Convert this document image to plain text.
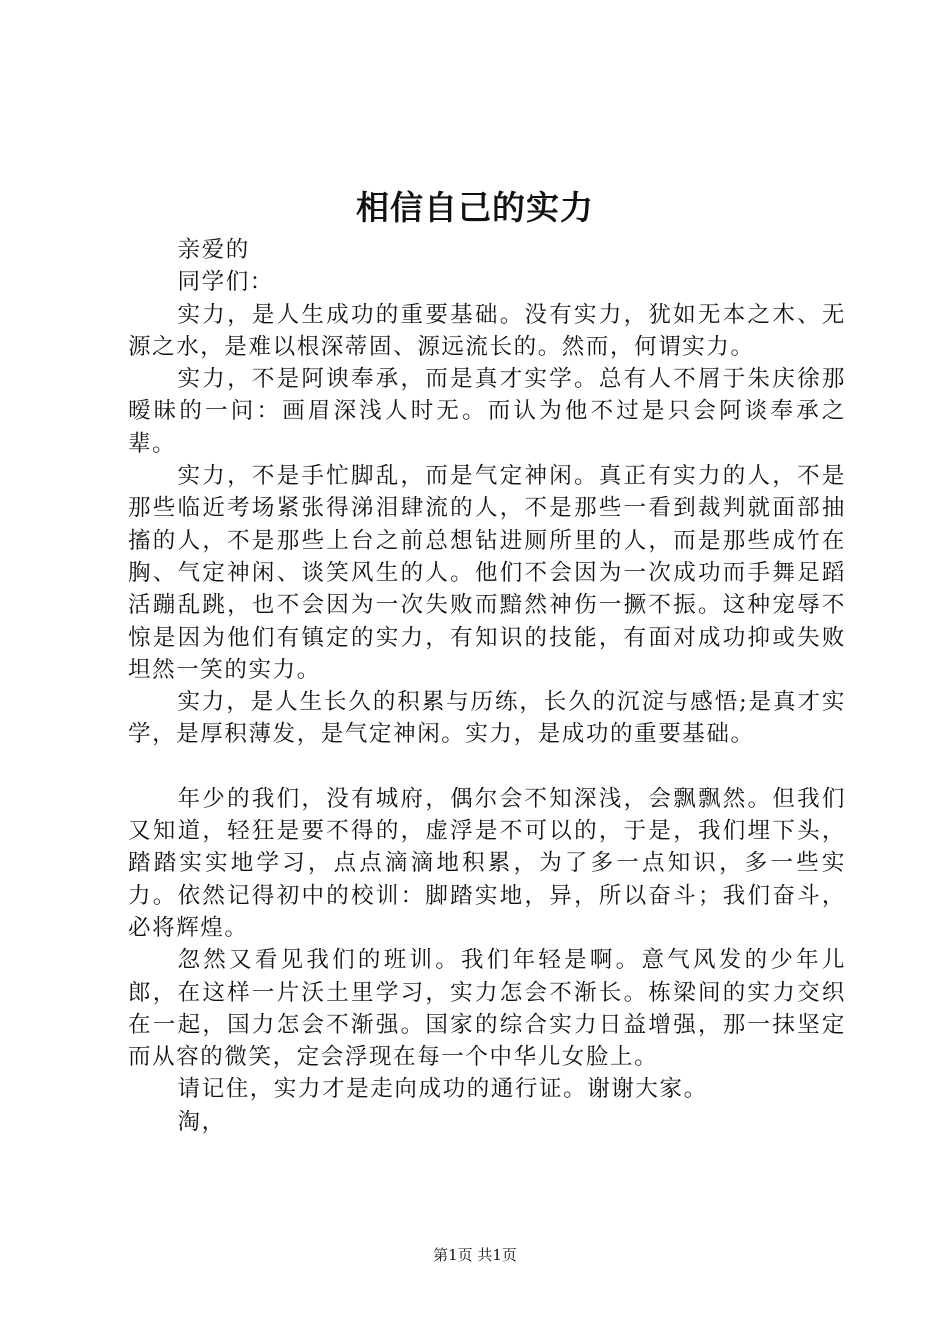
相信自己的实力

亲爱的

同学们：

实力，是人生成功的重要基础。没有实力，犹如无本之木、无源之水，是难以根深蒂固、源远流长的。然而，何谓实力。

实力，不是阿谀奉承，而是真才实学。总有人不屑于朱庆徐那暧昧的一问：画眉深浅人时无。而认为他不过是只会阿谈奉承之辈。

实力，不是手忙脚乱，而是气定神闲。真正有实力的人，不是那些临近考场紧张得涕泪肆流的人，不是那些一看到裁判就面部抽搐的人，不是那些上台之前总想钻进厕所里的人，而是那些成竹在胸、气定神闲、谈笑风生的人。他们不会因为一次成功而手舞足蹈活蹦乱跳，也不会因为一次失败而黯然神伤一撅不振。这种宠辱不惊是因为他们有镇定的实力，有知识的技能，有面对成功抑或失败坦然一笑的实力。

实力，是人生长久的积累与历练，长久的沉淀与感悟;是真才实学，是厚积薄发，是气定神闲。实力，是成功的重要基础。

年少的我们，没有城府，偶尔会不知深浅，会飘飘然。但我们又知道，轻狂是要不得的，虚浮是不可以的，于是，我们埋下头，踏踏实实地学习，点点滴滴地积累，为了多一点知识，多一些实力。依然记得初中的校训：脚踏实地，异，所以奋斗；我们奋斗，必将辉煌。

忽然又看见我们的班训。我们年轻是啊。意气风发的少年儿郎，在这样一片沃土里学习，实力怎会不渐长。栋梁间的实力交织在一起，国力怎会不渐强。国家的综合实力日益增强，那一抹坚定而从容的微笑，定会浮现在每一个中华儿女脸上。

请记住，实力才是走向成功的通行证。谢谢大家。

淘，

第1页 共1页
